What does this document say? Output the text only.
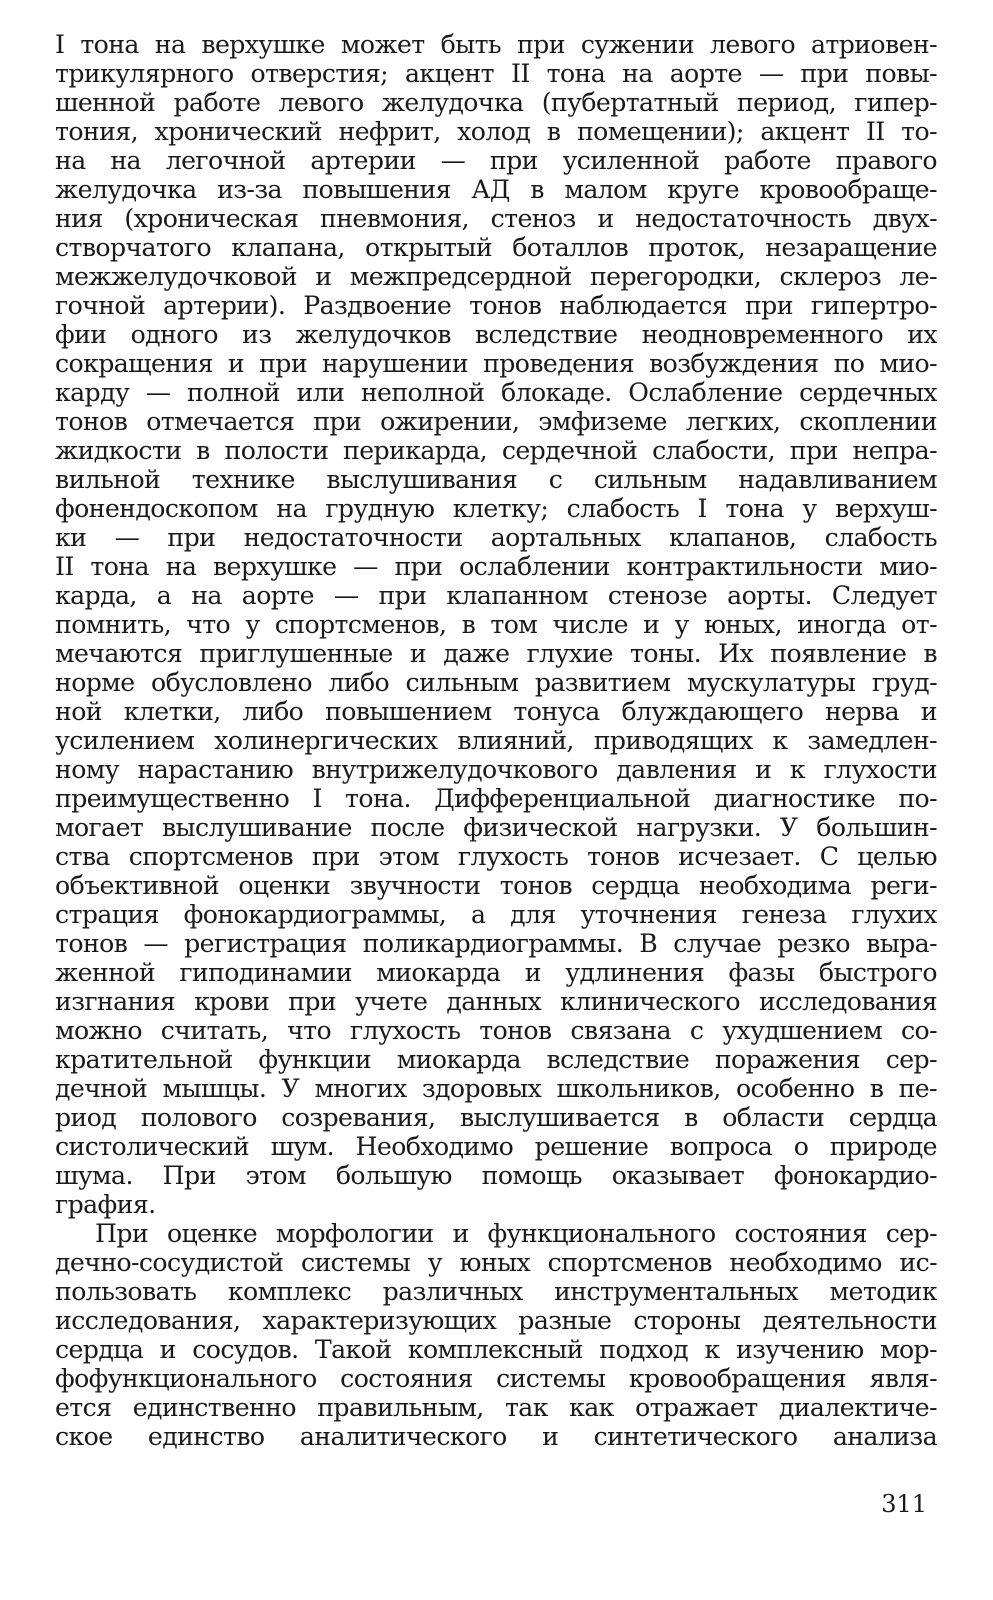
I тона на верхушке может быть при сужении левого атриовен-
трикулярного отверстия; акцент II тона на аорте — при повы-
шенной работе левого желудочка (пубертатный период, гипер-
тония, хронический нефрит, холод в помещении); акцент II то-
на на легочной артерии — при усиленной работе правого
желудочка из-за повышения АД в малом круге кровообраще-
ния (хроническая пневмония, стеноз и недостаточность двух-
створчатого клапана, открытый боталлов проток, незаращение
межжелудочковой и межпредсердной перегородки, склероз ле-
гочной артерии). Раздвоение тонов наблюдается при гипертро-
фии одного из желудочков вследствие неодновременного их
сокращения и при нарушении проведения возбуждения по мио-
карду — полной или неполной блокаде. Ослабление сердечных
тонов отмечается при ожирении, эмфиземе легких, скоплении
жидкости в полости перикарда, сердечной слабости, при непра-
вильной технике выслушивания с сильным надавливанием
фонендоскопом на грудную клетку; слабость I тона у верхуш-
ки — при недостаточности аортальных клапанов, слабость
II тона на верхушке — при ослаблении контрактильности мио-
карда, а на аорте — при клапанном стенозе аорты. Следует
помнить, что у спортсменов, в том числе и у юных, иногда от-
мечаются приглушенные и даже глухие тоны. Их появление в
норме обусловлено либо сильным развитием мускулатуры груд-
ной клетки, либо повышением тонуса блуждающего нерва и
усилением холинергических влияний, приводящих к замедлен-
ному нарастанию внутрижелудочкового давления и к глухости
преимущественно I тона. Дифференциальной диагностике по-
могает выслушивание после физической нагрузки. У большин-
ства спортсменов при этом глухость тонов исчезает. С целью
объективной оценки звучности тонов сердца необходима реги-
страция фонокардиограммы, а для уточнения генеза глухих
тонов — регистрация поликардиограммы. В случае резко выра-
женной гиподинамии миокарда и удлинения фазы быстрого
изгнания крови при учете данных клинического исследования
можно считать, что глухость тонов связана с ухудшением со-
кратительной функции миокарда вследствие поражения сер-
дечной мышцы. У многих здоровых школьников, особенно в пе-
риод полового созревания, выслушивается в области сердца
систолический шум. Необходимо решение вопроса о природе
шума. При этом большую помощь оказывает фонокардио-
графия.
При оценке морфологии и функционального состояния сер-
дечно-сосудистой системы у юных спортсменов необходимо ис-
пользовать комплекс различных инструментальных методик
исследования, характеризующих разные стороны деятельности
сердца и сосудов. Такой комплексный подход к изучению мор-
фофункционального состояния системы кровообращения явля-
ется единственно правильным, так как отражает диалектиче-
ское единство аналитического и синтетического анализа
311
